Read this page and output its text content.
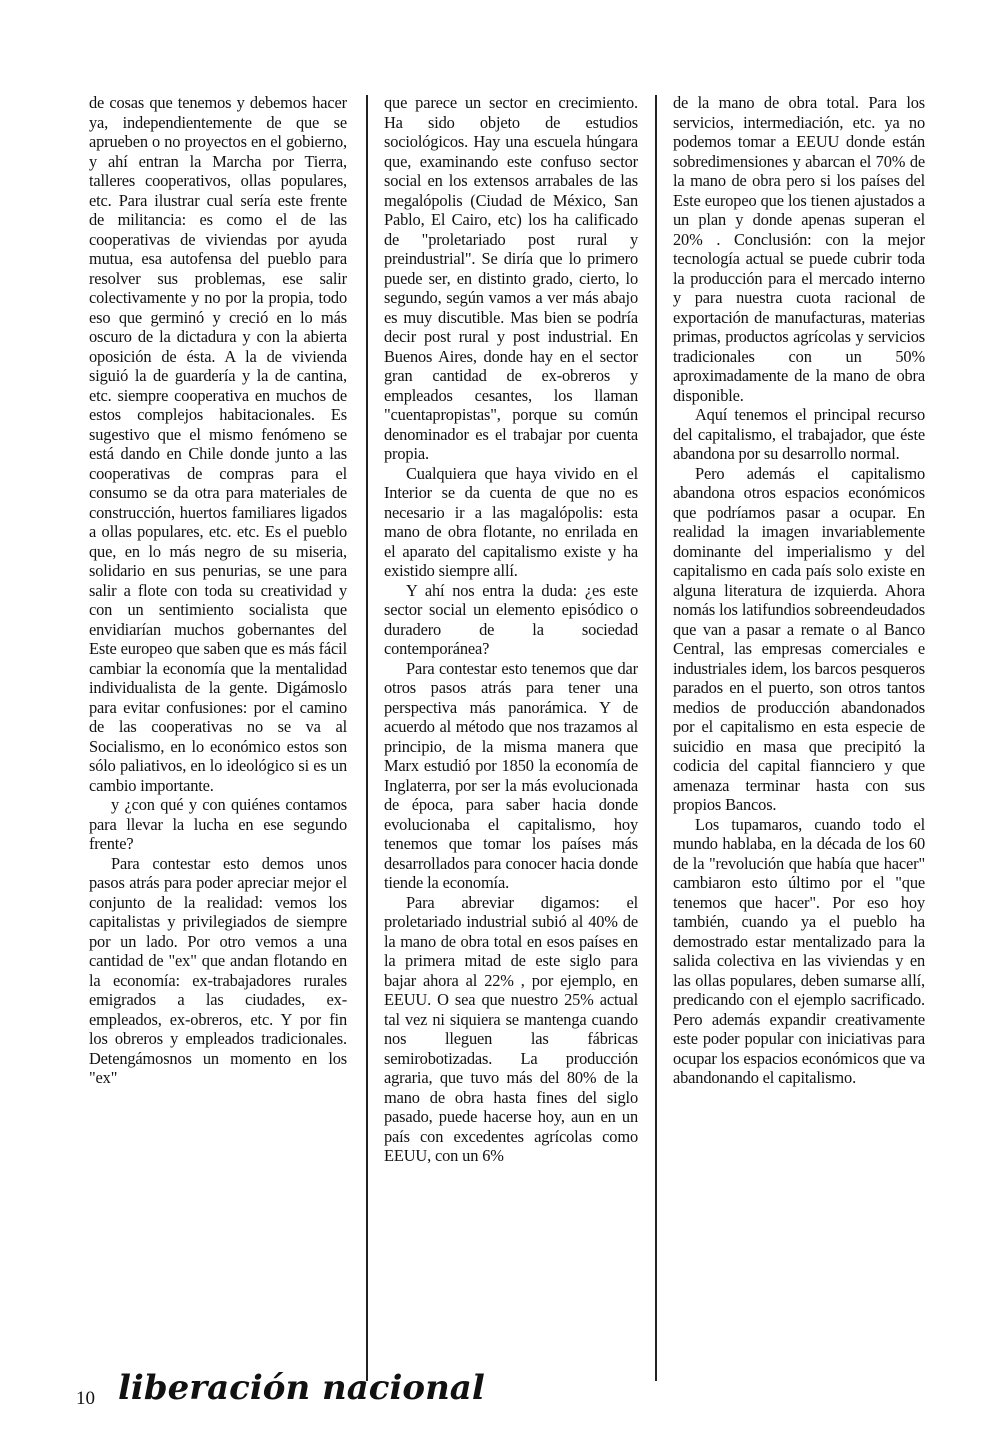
de cosas que tenemos y debemos hacer ya, independientemente de que se aprueben o no proyectos en el gobierno, y ahí entran la Marcha por Tierra, talleres cooperativos, ollas populares, etc. Para ilustrar cual sería este frente de militancia: es como el de las cooperativas de viviendas por ayuda mutua, esa autofensa del pueblo para resolver sus problemas, ese salir colectivamente y no por la propia, todo eso que germinó y creció en lo más oscuro de la dictadura y con la abierta oposición de ésta. A la de vivienda siguió la de guardería y la de cantina, etc. siempre cooperativa en muchos de estos complejos habitacionales. Es sugestivo que el mismo fenómeno se está dando en Chile donde junto a las cooperativas de compras para el consumo se da otra para materiales de construcción, huertos familiares ligados a ollas populares, etc. etc. Es el pueblo que, en lo más negro de su miseria, solidario en sus penurias, se une para salir a flote con toda su creatividad y con un sentimiento socialista que envidiarían muchos gobernantes del Este europeo que saben que es más fácil cambiar la economía que la mentalidad individualista de la gente. Digámoslo para evitar confusiones: por el camino de las cooperativas no se va al Socialismo, en lo económico estos son sólo paliativos, en lo ideológico si es un cambio importante.

y ¿con qué y con quiénes contamos para llevar la lucha en ese segundo frente?

Para contestar esto demos unos pasos atrás para poder apreciar mejor el conjunto de la realidad: vemos los capitalistas y privilegiados de siempre por un lado. Por otro vemos a una cantidad de "ex" que andan flotando en la economía: ex-trabajadores rurales emigrados a las ciudades, ex-empleados, ex-obreros, etc. Y por fin los obreros y empleados tradicionales. Detengámosnos un momento en los "ex"

que parece un sector en crecimiento. Ha sido objeto de estudios sociológicos. Hay una escuela húngara que, examinando este confuso sector social en los extensos arrabales de las megalópolis (Ciudad de México, San Pablo, El Cairo, etc) los ha calificado de "proletariado post rural y preindustrial". Se diría que lo primero puede ser, en distinto grado, cierto, lo segundo, según vamos a ver más abajo es muy discutible. Mas bien se podría decir post rural y post industrial. En Buenos Aires, donde hay en el sector gran cantidad de ex-obreros y empleados cesantes, los llaman "cuentapropistas", porque su común denominador es el trabajar por cuenta propia.

Cualquiera que haya vivido en el Interior se da cuenta de que no es necesario ir a las magalópolis: esta mano de obra flotante, no enrilada en el aparato del capitalismo existe y ha existido siempre allí.

Y ahí nos entra la duda: ¿es este sector social un elemento episódico o duradero de la sociedad contemporánea?

Para contestar esto tenemos que dar otros pasos atrás para tener una perspectiva más panorámica. Y de acuerdo al método que nos trazamos al principio, de la misma manera que Marx estudió por 1850 la economía de Inglaterra, por ser la más evolucionada de época, para saber hacia donde evolucionaba el capitalismo, hoy tenemos que tomar los países más desarrollados para conocer hacia donde tiende la economía.

Para abreviar digamos: el proletariado industrial subió al 40% de la mano de obra total en esos países en la primera mitad de este siglo para bajar ahora al 22% , por ejemplo, en EEUU. O sea que nuestro 25% actual tal vez ni siquiera se mantenga cuando nos lleguen las fábricas semirobotizadas. La producción agraria, que tuvo más del 80% de la mano de obra hasta fines del siglo pasado, puede hacerse hoy, aun en un país con excedentes agrícolas como EEUU, con un 6%

de la mano de obra total. Para los servicios, intermediación, etc. ya no podemos tomar a EEUU donde están sobredimensiones y abarcan el 70% de la mano de obra pero si los países del Este europeo que los tienen ajustados a un plan y donde apenas superan el 20% . Conclusión: con la mejor tecnología actual se puede cubrir toda la producción para el mercado interno y para nuestra cuota racional de exportación de manufacturas, materias primas, productos agrícolas y servicios tradicionales con un 50% aproximadamente de la mano de obra disponible.

Aquí tenemos el principal recurso del capitalismo, el trabajador, que éste abandona por su desarrollo normal.

Pero además el capitalismo abandona otros espacios económicos que podríamos pasar a ocupar. En realidad la imagen invariablemente dominante del imperialismo y del capitalismo en cada país solo existe en alguna literatura de izquierda. Ahora nomás los latifundios sobreendeudados que van a pasar a remate o al Banco Central, las empresas comerciales e industriales idem, los barcos pesqueros parados en el puerto, son otros tantos medios de producción abandonados por el capitalismo en esta especie de suicidio en masa que precipitó la codicia del capital fiannciero y que amenaza terminar hasta con sus propios Bancos.

Los tupamaros, cuando todo el mundo hablaba, en la década de los 60 de la "revolución que había que hacer" cambiaron esto último por el "que tenemos que hacer". Por eso hoy también, cuando ya el pueblo ha demostrado estar mentalizado para la salida colectiva en las viviendas y en las ollas populares, deben sumarse allí, predicando con el ejemplo sacrificado. Pero además expandir creativamente este poder popular con iniciativas para ocupar los espacios económicos que va abandonando el capitalismo.

10 liberación nacional
